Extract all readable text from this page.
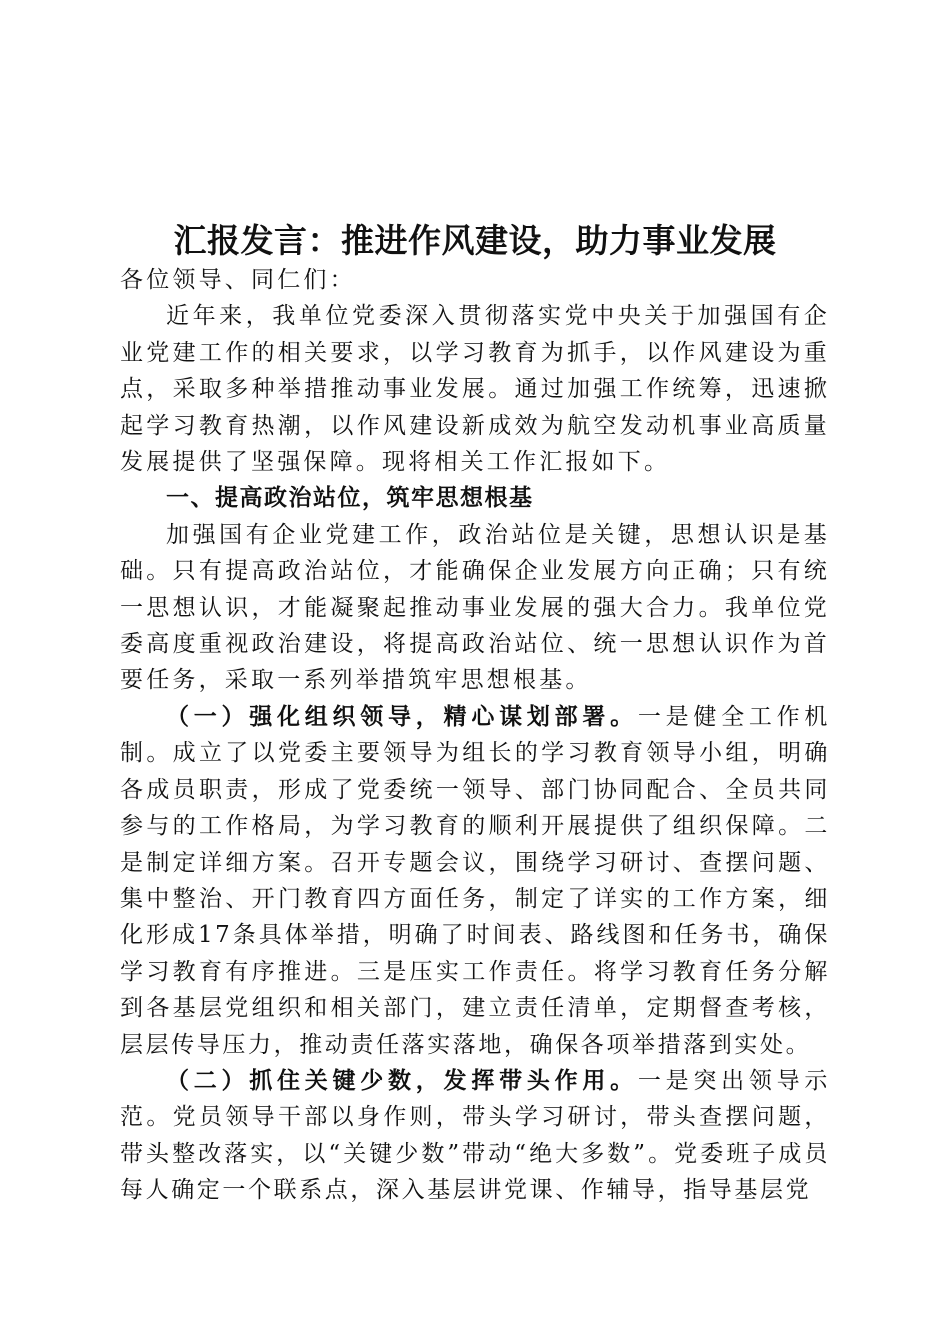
汇报发言：推进作风建设，助力事业发展

各位领导、同仁们：

近年来，我单位党委深入贯彻落实党中央关于加强国有企业党建工作的相关要求，以学习教育为抓手，以作风建设为重点，采取多种举措推动事业发展。通过加强工作统筹，迅速掀起学习教育热潮，以作风建设新成效为航空发动机事业高质量发展提供了坚强保障。现将相关工作汇报如下。

一、提高政治站位，筑牢思想根基

加强国有企业党建工作，政治站位是关键，思想认识是基础。只有提高政治站位，才能确保企业发展方向正确；只有统一思想认识，才能凝聚起推动事业发展的强大合力。我单位党委高度重视政治建设，将提高政治站位、统一思想认识作为首要任务，采取一系列举措筑牢思想根基。

（一）强化组织领导，精心谋划部署。一是健全工作机制。成立了以党委主要领导为组长的学习教育领导小组，明确各成员职责，形成了党委统一领导、部门协同配合、全员共同参与的工作格局，为学习教育的顺利开展提供了组织保障。二是制定详细方案。召开专题会议，围绕学习研讨、查摆问题、集中整治、开门教育四方面任务，制定了详实的工作方案，细化形成17条具体举措，明确了时间表、路线图和任务书，确保学习教育有序推进。三是压实工作责任。将学习教育任务分解到各基层党组织和相关部门，建立责任清单，定期督查考核，层层传导压力，推动责任落实落地，确保各项举措落到实处。

（二）抓住关键少数，发挥带头作用。一是突出领导示范。党员领导干部以身作则，带头学习研讨，带头查摆问题，带头整改落实，以“关键少数”带动“绝大多数”。党委班子成员每人确定一个联系点，深入基层讲党课、作辅导，指导基层党
